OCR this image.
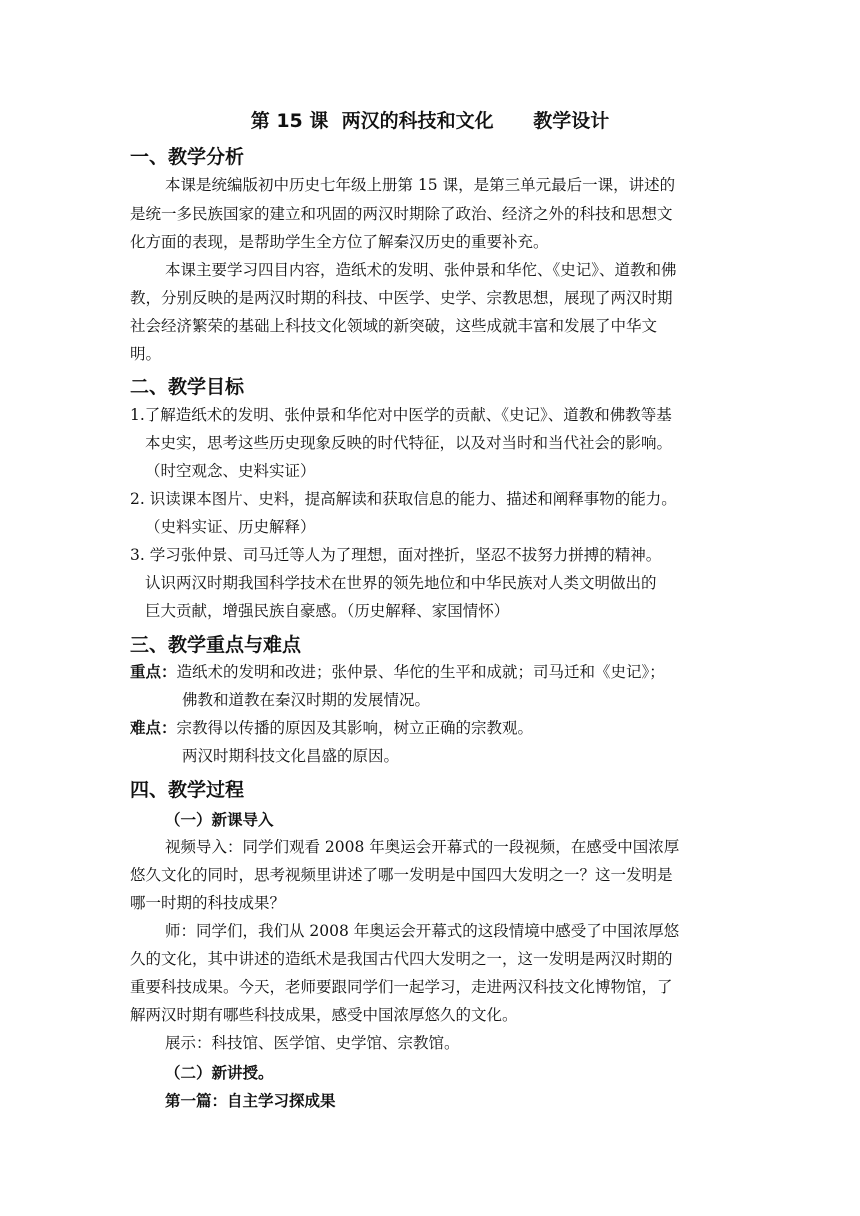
第 15 课  两汉的科技和文化      教学设计
一、教学分析
本课是统编版初中历史七年级上册第 15 课，是第三单元最后一课，讲述的
是统一多民族国家的建立和巩固的两汉时期除了政治、经济之外的科技和思想文
化方面的表现，是帮助学生全方位了解秦汉历史的重要补充。
本课主要学习四目内容，造纸术的发明、张仲景和华佗、《史记》、道教和佛
教，分别反映的是两汉时期的科技、中医学、史学、宗教思想，展现了两汉时期
社会经济繁荣的基础上科技文化领域的新突破，这些成就丰富和发展了中华文
明。
二、教学目标
1.了解造纸术的发明、张仲景和华佗对中医学的贡献、《史记》、道教和佛教等基
本史实，思考这些历史现象反映的时代特征，以及对当时和当代社会的影响。
（时空观念、史料实证）
2. 识读课本图片、史料，提高解读和获取信息的能力、描述和阐释事物的能力。
（史料实证、历史解释）
3. 学习张仲景、司马迁等人为了理想，面对挫折，坚忍不拔努力拼搏的精神。
认识两汉时期我国科学技术在世界的领先地位和中华民族对人类文明做出的
巨大贡献，增强民族自豪感。（历史解释、家国情怀）
三、教学重点与难点
重点：造纸术的发明和改进；张仲景、华佗的生平和成就；司马迁和《史记》；
佛教和道教在秦汉时期的发展情况。
难点：宗教得以传播的原因及其影响，树立正确的宗教观。
两汉时期科技文化昌盛的原因。
四、教学过程
（一）新课导入
视频导入：同学们观看 2008 年奥运会开幕式的一段视频，在感受中国浓厚
悠久文化的同时，思考视频里讲述了哪一发明是中国四大发明之一？这一发明是
哪一时期的科技成果？
师：同学们，我们从 2008 年奥运会开幕式的这段情境中感受了中国浓厚悠
久的文化，其中讲述的造纸术是我国古代四大发明之一，这一发明是两汉时期的
重要科技成果。今天，老师要跟同学们一起学习，走进两汉科技文化博物馆，了
解两汉时期有哪些科技成果，感受中国浓厚悠久的文化。
展示：科技馆、医学馆、史学馆、宗教馆。
（二）新讲授。
第一篇：自主学习探成果
